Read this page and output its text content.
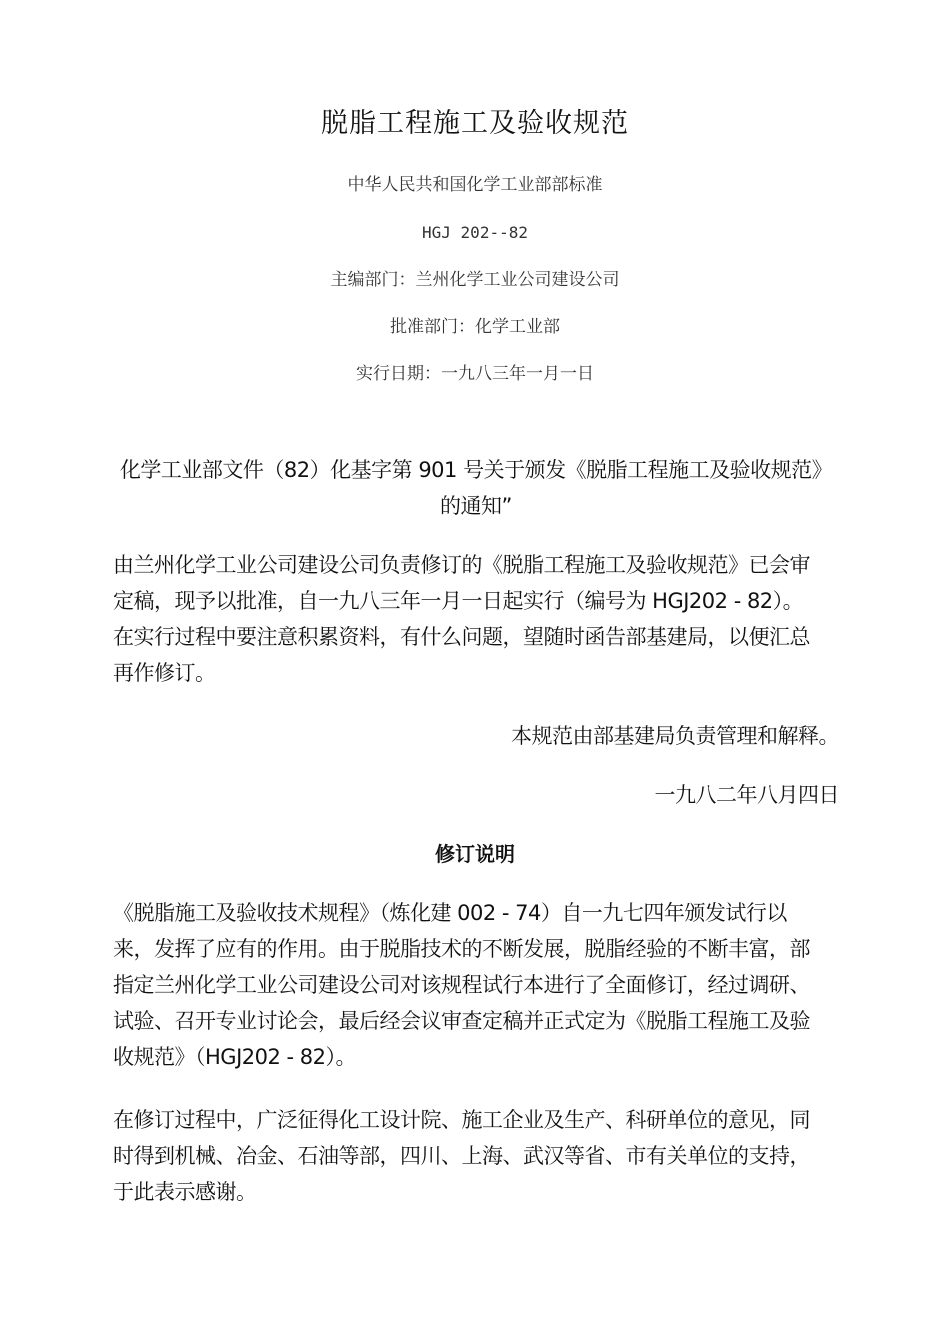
脱脂工程施工及验收规范
中华人民共和国化学工业部部标准
HGJ 202--82
主编部门：兰州化学工业公司建设公司
批准部门：化学工业部
实行日期：一九八三年一月一日
化学工业部文件（82）化基字第 901 号关于颁发《脱脂工程施工及验收规范》
的通知”
由兰州化学工业公司建设公司负责修订的《脱脂工程施工及验收规范》已会审
定稿，现予以批准，自一九八三年一月一日起实行（编号为 HGJ202 - 82）。
在实行过程中要注意积累资料，有什么问题，望随时函告部基建局，以便汇总
再作修订。
本规范由部基建局负责管理和解释。
一九八二年八月四日
修订说明
《脱脂施工及验收技术规程》（炼化建 002 - 74）自一九七四年颁发试行以
来，发挥了应有的作用。由于脱脂技术的不断发展，脱脂经验的不断丰富，部
指定兰州化学工业公司建设公司对该规程试行本进行了全面修订，经过调研、
试验、召开专业讨论会，最后经会议审查定稿并正式定为《脱脂工程施工及验
收规范》（HGJ202 - 82）。
在修订过程中，广泛征得化工设计院、施工企业及生产、科研单位的意见，同
时得到机械、冶金、石油等部，四川、上海、武汉等省、市有关单位的支持，
于此表示感谢。
